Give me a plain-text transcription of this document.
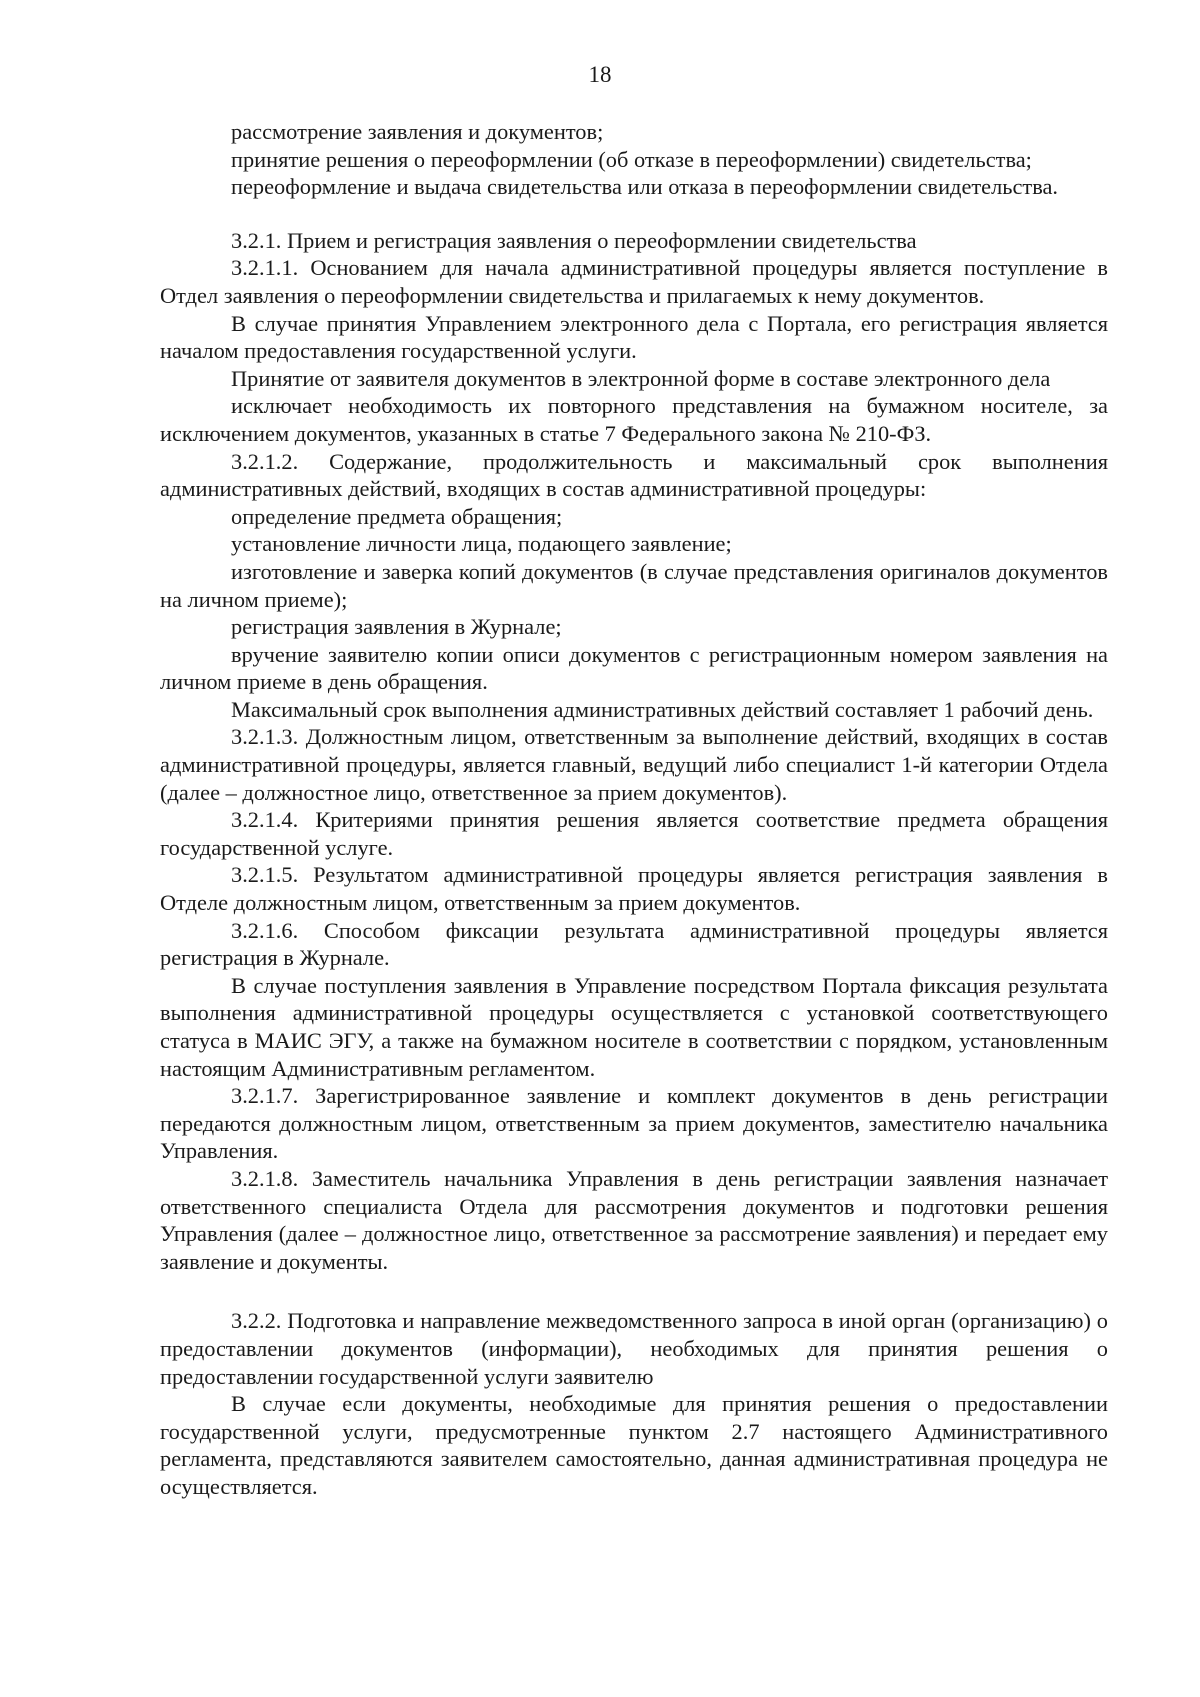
18

рассмотрение заявления и документов;

принятие решения о переоформлении (об отказе в переоформлении) свидетельства;

переоформление и выдача свидетельства или отказа в переоформлении свидетельства.

3.2.1. Прием и регистрация заявления о переоформлении свидетельства

3.2.1.1. Основанием для начала административной процедуры является поступление в Отдел заявления о переоформлении свидетельства и прилагаемых к нему документов.

В случае принятия Управлением электронного дела с Портала, его регистрация является началом предоставления государственной услуги.

Принятие от заявителя документов в электронной форме в составе электронного дела

исключает необходимость их повторного представления на бумажном носителе, за исключением документов, указанных в статье 7 Федерального закона № 210-ФЗ.

3.2.1.2. Содержание, продолжительность и максимальный срок выполнения административных действий, входящих в состав административной процедуры:

определение предмета обращения;

установление личности лица, подающего заявление;

изготовление и заверка копий документов (в случае представления оригиналов документов на личном приеме);

регистрация заявления в Журнале;

вручение заявителю копии описи документов с регистрационным номером заявления на личном приеме в день обращения.

Максимальный срок выполнения административных действий составляет 1 рабочий день.

3.2.1.3. Должностным лицом, ответственным за выполнение действий, входящих в состав административной процедуры, является главный, ведущий либо специалист 1-й категории Отдела (далее – должностное лицо, ответственное за прием документов).

3.2.1.4. Критериями принятия решения является соответствие предмета обращения государственной услуге.

3.2.1.5. Результатом административной процедуры является регистрация заявления в Отделе должностным лицом, ответственным за прием документов.

3.2.1.6. Способом фиксации результата административной процедуры является регистрация в Журнале.

В случае поступления заявления в Управление посредством Портала фиксация результата выполнения административной процедуры осуществляется с установкой соответствующего статуса в МАИС ЭГУ, а также на бумажном носителе в соответствии с порядком, установленным настоящим Административным регламентом.

3.2.1.7. Зарегистрированное заявление и комплект документов в день регистрации передаются должностным лицом, ответственным за прием документов, заместителю начальника Управления.

3.2.1.8. Заместитель начальника Управления в день регистрации заявления назначает ответственного специалиста Отдела для рассмотрения документов и подготовки решения Управления (далее – должностное лицо, ответственное за рассмотрение заявления) и передает ему заявление и документы.

3.2.2. Подготовка и направление межведомственного запроса в иной орган (организацию) о предоставлении документов (информации), необходимых для принятия решения о предоставлении государственной услуги заявителю

В случае если документы, необходимые для принятия решения о предоставлении государственной услуги, предусмотренные пунктом 2.7 настоящего Административного регламента, представляются заявителем самостоятельно, данная административная процедура не осуществляется.
